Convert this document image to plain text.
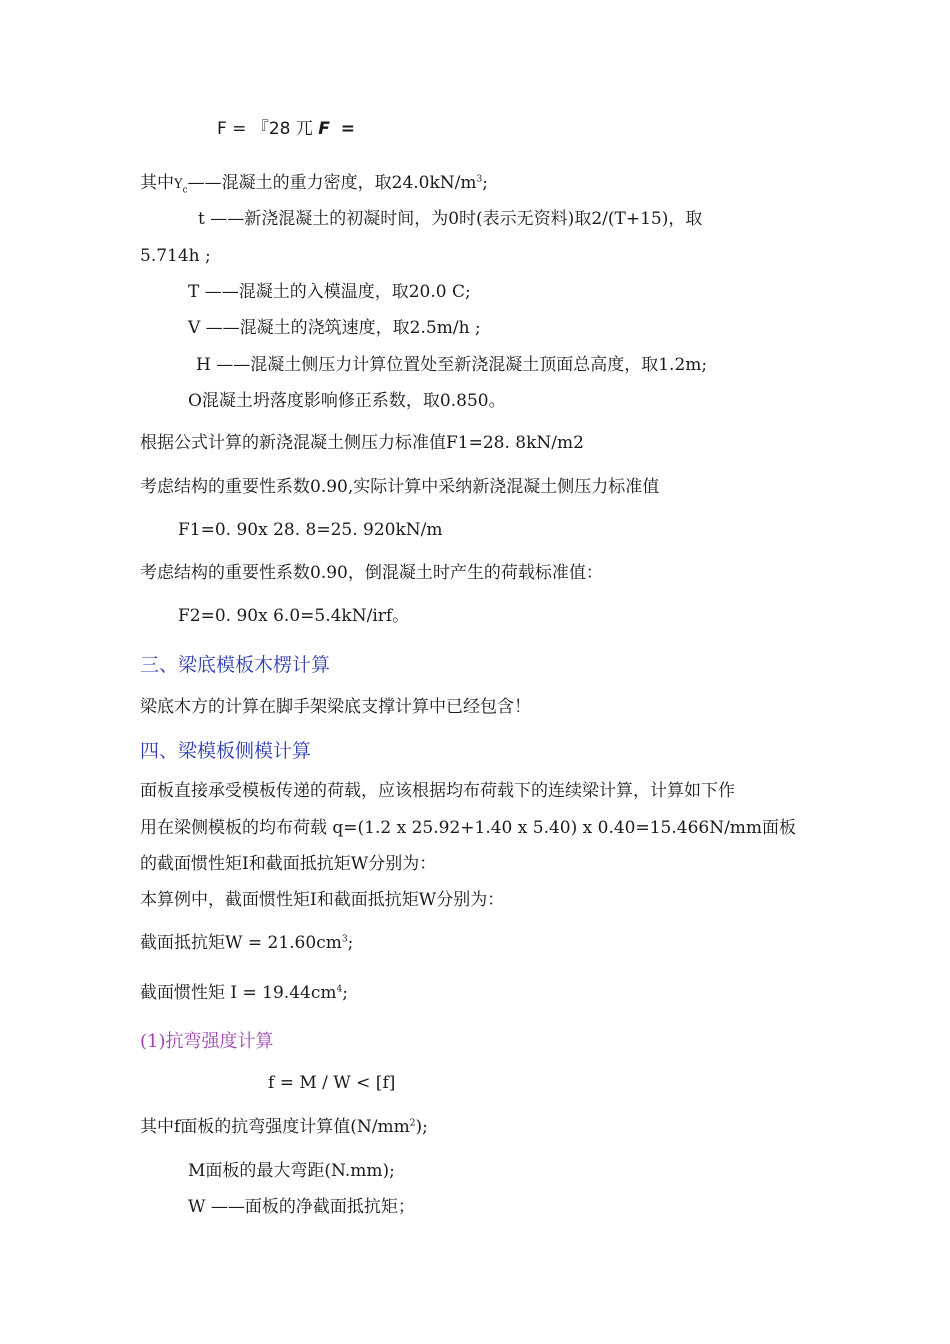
F = 『28 兀 F =
其中$Y_c——$混凝土的重力密度，取$24.0kN/m^3$;
t ——新浇混凝土的初凝时间，为0时(表示无资料)取2/(T+15)，取
5.714h ;
T ——混凝土的入模温度，取20.0 C;
V ——混凝土的浇筑速度，取2.5m/h ;
H ——混凝土侧压力计算位置处至新浇混凝土顶面总高度，取1.2m;
O混凝土坍落度影响修正系数，取0.850。
根据公式计算的新浇混凝土侧压力标准值F1=28. 8kN/m2
考虑结构的重要性系数0.90,实际计算中采纳新浇混凝土侧压力标准值
F1=0. 90x 28. 8=25. 920kN/m
考虑结构的重要性系数0.90，倒混凝土时产生的荷载标准值：
F2=0. 90x 6.0=5.4kN/irf。
三、梁底模板木楞计算
梁底木方的计算在脚手架梁底支撑计算中已经包含！
四、梁模板侧模计算
面板直接承受模板传递的荷载，应该根据均布荷载下的连续梁计算，计算如下作
用在梁侧模板的均布荷载 q=(1.2 x 25.92+1.40 x 5.40) x 0.40=15.466N/mm面板
的截面惯性矩I和截面抵抗矩W分别为：
本算例中，截面惯性矩I和截面抵抗矩W分别为：
截面抵抗矩$W = 21.60cm^3$;
截面惯性矩 $I = 19.44cm^4$;
(1)抗弯强度计算
f = M / W < [f]
其中f面板的抗弯强度计算值$(N/mm^2)$;
M面板的最大弯距(N.mm);
W ——面板的净截面抵抗矩；
